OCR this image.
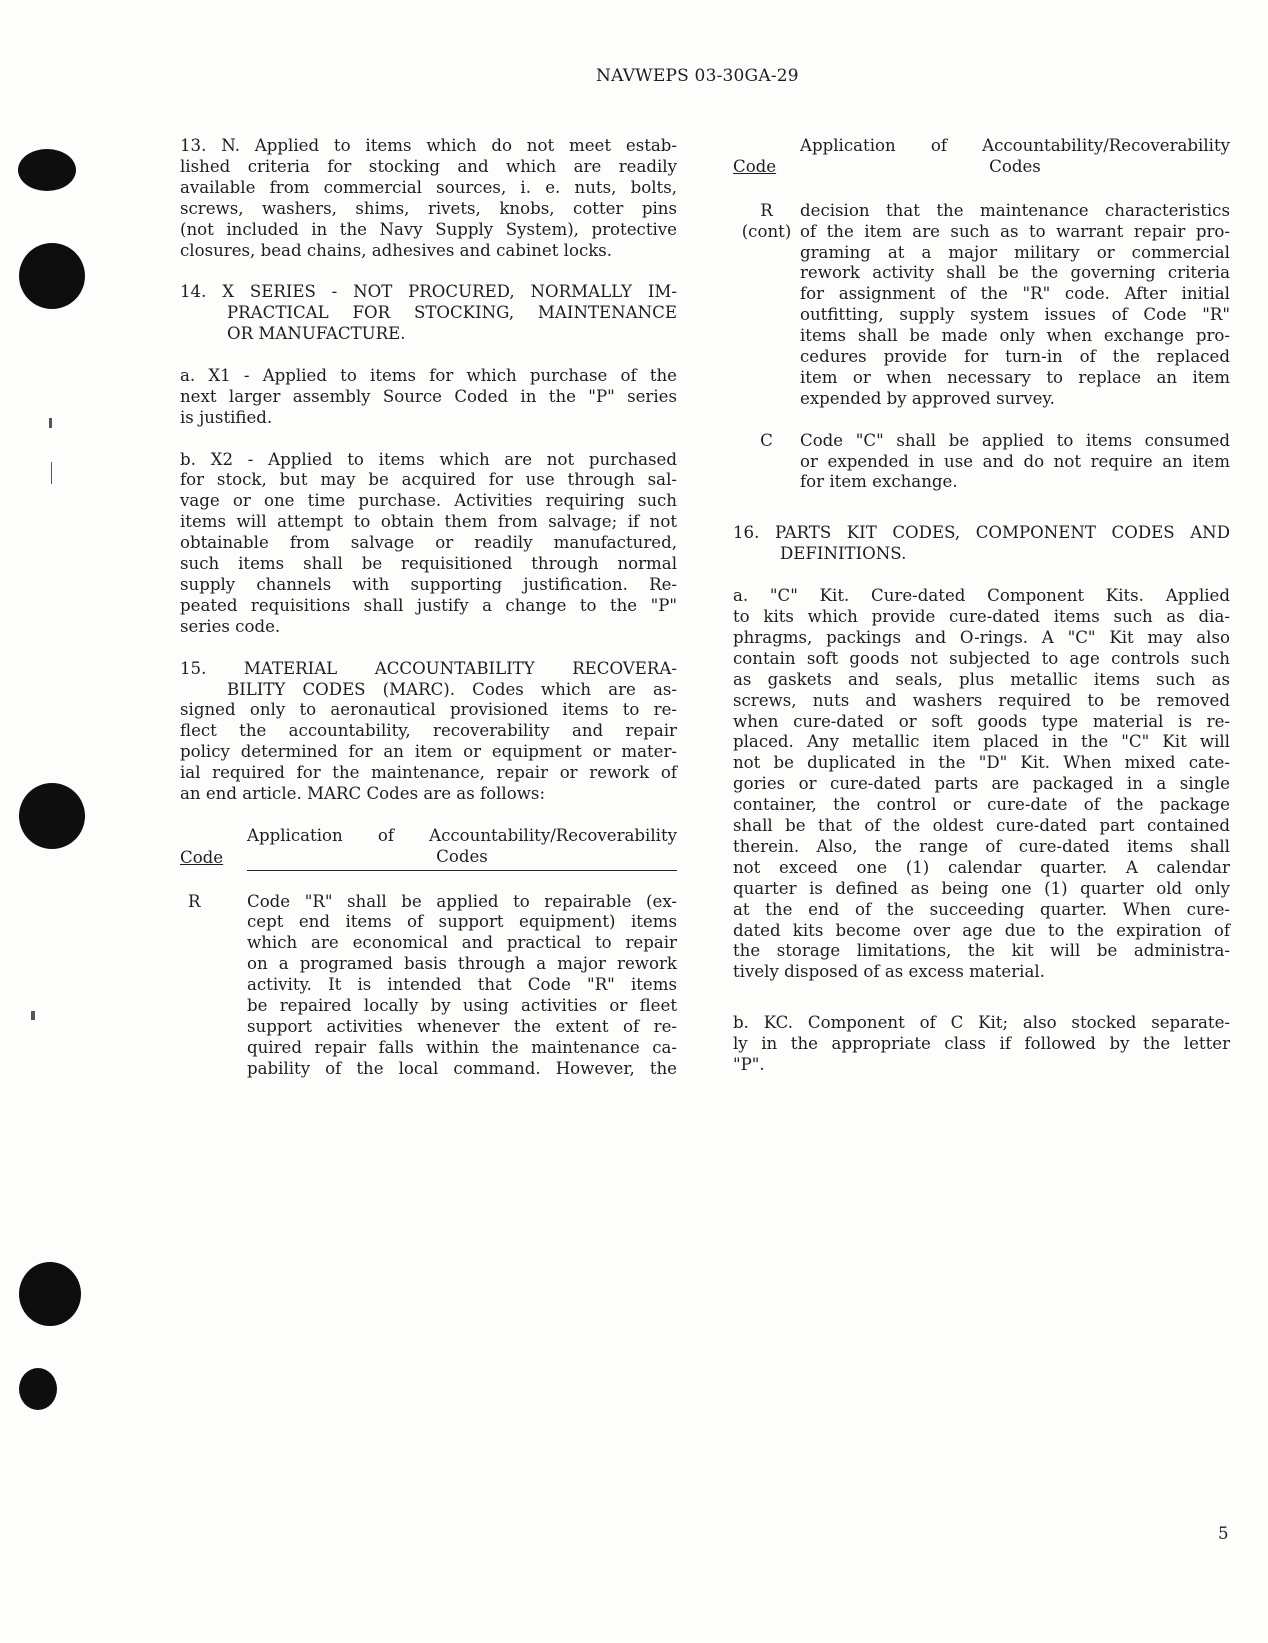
NAVWEPS 03-30GA-29

13. N. Applied to items which do not meet estab-

lished criteria for stocking and which are readily

available from commercial sources, i. e. nuts, bolts,

screws, washers, shims, rivets, knobs, cotter pins

(not included in the Navy Supply System), protective

closures, bead chains, adhesives and cabinet locks.

14. X SERIES - NOT PROCURED, NORMALLY IM-

PRACTICAL FOR STOCKING, MAINTENANCE

OR MANUFACTURE.

a. X1 - Applied to items for which purchase of the

next larger assembly Source Coded in the "P" series

is justified.

b. X2 - Applied to items which are not purchased

for stock, but may be acquired for use through sal-

vage or one time purchase. Activities requiring such

items will attempt to obtain them from salvage; if not

obtainable from salvage or readily manufactured,

such items shall be requisitioned through normal

supply channels with supporting justification. Re-

peated requisitions shall justify a change to the "P"

series code.

15. MATERIAL ACCOUNTABILITY RECOVERA-

BILITY CODES (MARC). Codes which are as-

signed only to aeronautical provisioned items to re-

flect the accountability, recoverability and repair

policy determined for an item or equipment or mater-

ial required for the maintenance, repair or rework of

an end article. MARC Codes are as follows:

Code
Application of Accountability/Recoverability
Codes
R	Code "R" shall be applied to repairable (ex-

cept end items of support equipment) items

which are economical and practical to repair

on a programed basis through a major rework

activity. It is intended that Code "R" items

be repaired locally by using activities or fleet

support activities whenever the extent of re-

quired repair falls within the maintenance ca-

pability of the local command. However, the

Code
Application of Accountability/Recoverability
Codes
R
(cont)

decision that the maintenance characteristics

of the item are such as to warrant repair pro-

graming at a major military or commercial

rework activity shall be the governing criteria

for assignment of the "R" code. After initial

outfitting, supply system issues of Code "R"

items shall be made only when exchange pro-

cedures provide for turn-in of the replaced

item or when necessary to replace an item

expended by approved survey.

C	Code "C" shall be applied to items consumed

or expended in use and do not require an item

for item exchange.

16. PARTS KIT CODES, COMPONENT CODES AND

DEFINITIONS.

a. "C" Kit. Cure-dated Component Kits. Applied

to kits which provide cure-dated items such as dia-

phragms, packings and O-rings. A "C" Kit may also

contain soft goods not subjected to age controls such

as gaskets and seals, plus metallic items such as

screws, nuts and washers required to be removed

when cure-dated or soft goods type material is re-

placed. Any metallic item placed in the "C" Kit will

not be duplicated in the "D" Kit. When mixed cate-

gories or cure-dated parts are packaged in a single

container, the control or cure-date of the package

shall be that of the oldest cure-dated part contained

therein. Also, the range of cure-dated items shall

not exceed one (1) calendar quarter. A calendar

quarter is defined as being one (1) quarter old only

at the end of the succeeding quarter. When cure-

dated kits become over age due to the expiration of

the storage limitations, the kit will be administra-

tively disposed of as excess material.

b. KC. Component of C Kit; also stocked separate-

ly in the appropriate class if followed by the letter

"P".

5
